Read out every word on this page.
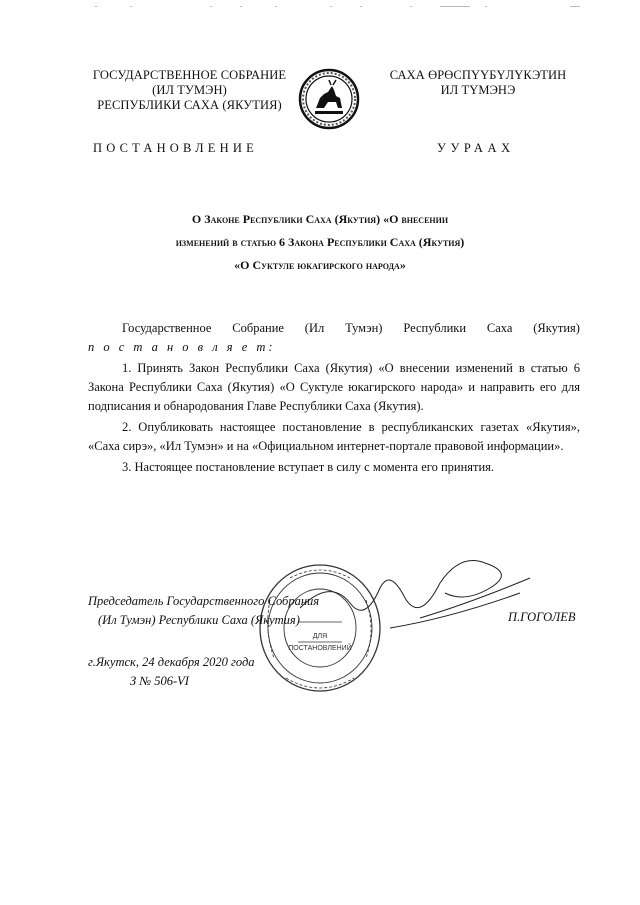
ГОСУДАРСТВЕННОЕ СОБРАНИЕ
(ИЛ ТУМЭН)
РЕСПУБЛИКИ САХА (ЯКУТИЯ)
САХА ӨРӨСПҮҮБҮЛҮКЭТИН
ИЛ ТҮМЭНЭ
ПОСТАНОВЛЕНИЕ	УУРААХ
О Законе Республики Саха (Якутия) «О внесении
изменений в статью 6 Закона Республики Саха (Якутия)
«О Суктуле юкагирского народа»
Государственное Собрание (Ил Тумэн) Республики Саха (Якутия)
п о с т а н о в л я е т:

1. Принять Закон Республики Саха (Якутия) «О внесении изменений в статью 6 Закона Республики Саха (Якутия) «О Суктуле юкагирского народа» и направить его для подписания и обнародования Главе Республики Саха (Якутия).

2. Опубликовать настоящее постановление в республиканских газетах «Якутия», «Саха сирэ», «Ил Тумэн» и на «Официальном интернет-портале правовой информации».

3. Настоящее постановление вступает в силу с момента его принятия.

ДЛЯ
ПОСТАНОВЛЕНИЙ
Председатель Государственного Собрания
(Ил Тумэн) Республики Саха (Якутия)	П.ГОГОЛЕВ
г.Якутск, 24 декабря 2020 года
З № 506-VI
